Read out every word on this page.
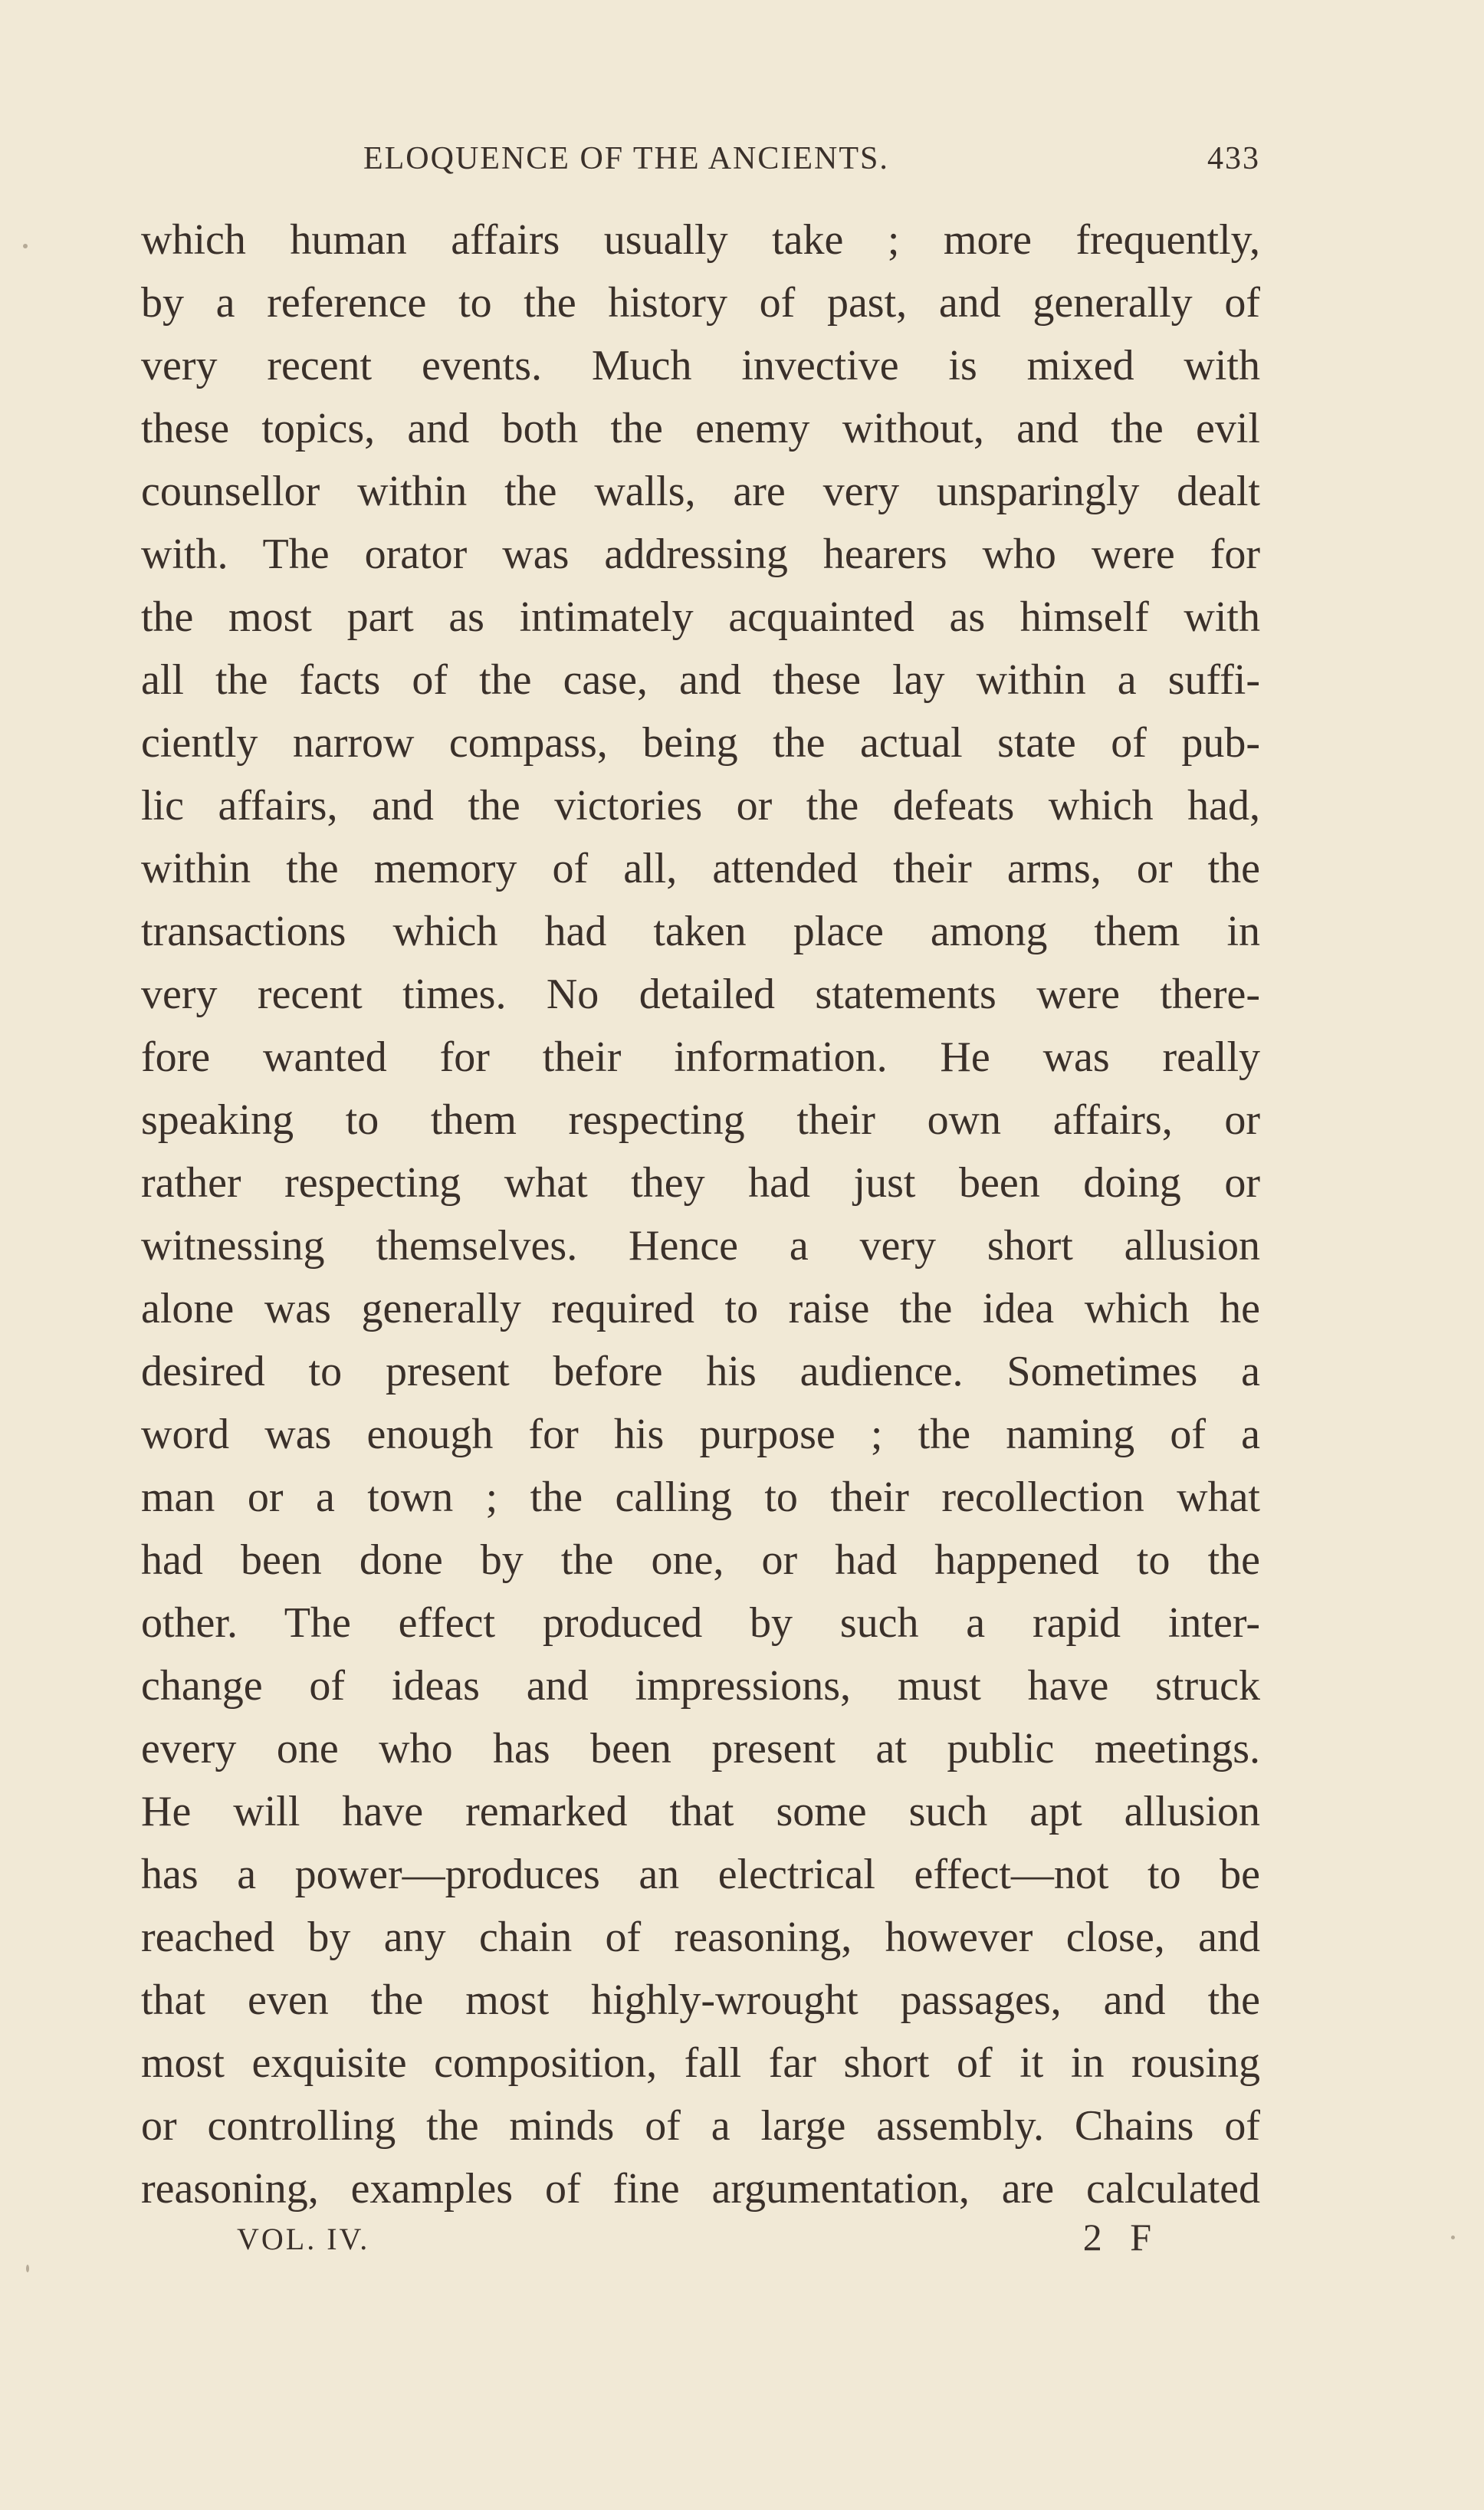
ELOQUENCE OF THE ANCIENTS.	433
which human affairs usually take ; more frequently,
by a reference to the history of past, and generally of
very recent events. Much invective is mixed with
these topics, and both the enemy without, and the evil
counsellor within the walls, are very unsparingly dealt
with. The orator was addressing hearers who were for
the most part as intimately acquainted as himself with
all the facts of the case, and these lay within a suffi-
ciently narrow compass, being the actual state of pub-
lic affairs, and the victories or the defeats which had,
within the memory of all, attended their arms, or the
transactions which had taken place among them in
very recent times. No detailed statements were there-
fore wanted for their information. He was really
speaking to them respecting their own affairs, or
rather respecting what they had just been doing or
witnessing themselves. Hence a very short allusion
alone was generally required to raise the idea which he
desired to present before his audience. Sometimes a
word was enough for his purpose ; the naming of a
man or a town ; the calling to their recollection what
had been done by the one, or had happened to the
other. The effect produced by such a rapid inter-
change of ideas and impressions, must have struck
every one who has been present at public meetings.
He will have remarked that some such apt allusion
has a power—produces an electrical effect—not to be
reached by any chain of reasoning, however close, and
that even the most highly-wrought passages, and the
most exquisite composition, fall far short of it in rousing
or controlling the minds of a large assembly. Chains of
reasoning, examples of fine argumentation, are calculated
VOL. IV.	2 F
